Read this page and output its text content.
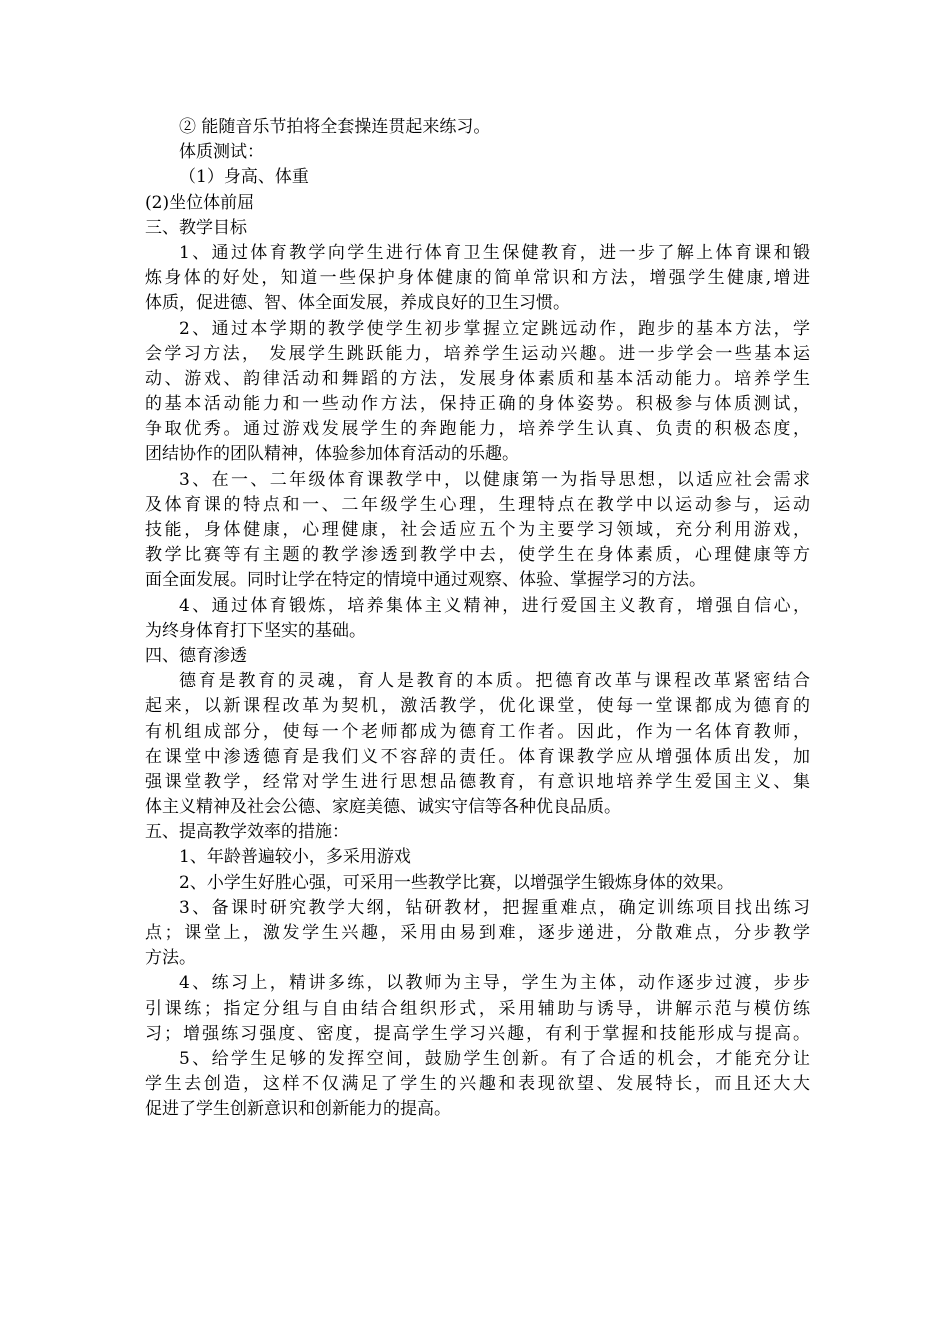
② 能随音乐节拍将全套操连贯起来练习。
体质测试：
（1）身高、体重
(2)坐位体前屈
三、教学目标
1、通过体育教学向学生进行体育卫生保健教育，进一步了解上体育课和锻
炼身体的好处，知道一些保护身体健康的简单常识和方法，增强学生健康,增进
体质，促进德、智、体全面发展，养成良好的卫生习惯。
2、通过本学期的教学使学生初步掌握立定跳远动作，跑步的基本方法，学
会学习方法， 发展学生跳跃能力，培养学生运动兴趣。进一步学会一些基本运
动、游戏、韵律活动和舞蹈的方法，发展身体素质和基本活动能力。培养学生
的基本活动能力和一些动作方法，保持正确的身体姿势。积极参与体质测试，
争取优秀。通过游戏发展学生的奔跑能力，培养学生认真、负责的积极态度，
团结协作的团队精神，体验参加体育活动的乐趣。
3、在一、二年级体育课教学中，以健康第一为指导思想，以适应社会需求
及体育课的特点和一、二年级学生心理，生理特点在教学中以运动参与，运动
技能，身体健康，心理健康，社会适应五个为主要学习领域，充分利用游戏，
教学比赛等有主题的教学渗透到教学中去，使学生在身体素质，心理健康等方
面全面发展。同时让学在特定的情境中通过观察、体验、掌握学习的方法。
4、通过体育锻炼，培养集体主义精神，进行爱国主义教育，增强自信心，
为终身体育打下坚实的基础。
四、德育渗透
德育是教育的灵魂，育人是教育的本质。把德育改革与课程改革紧密结合
起来，以新课程改革为契机，激活教学，优化课堂，使每一堂课都成为德育的
有机组成部分，使每一个老师都成为德育工作者。因此，作为一名体育教师，
在课堂中渗透德育是我们义不容辞的责任。体育课教学应从增强体质出发，加
强课堂教学，经常对学生进行思想品德教育，有意识地培养学生爱国主义、集
体主义精神及社会公德、家庭美德、诚实守信等各种优良品质。
五、提高教学效率的措施：
1、年龄普遍较小，多采用游戏
2、小学生好胜心强，可采用一些教学比赛，以增强学生锻炼身体的效果。
3、备课时研究教学大纲，钻研教材，把握重难点，确定训练项目找出练习
点；课堂上，激发学生兴趣，采用由易到难，逐步递进，分散难点，分步教学
方法。
4、练习上，精讲多练，以教师为主导，学生为主体，动作逐步过渡，步步
引课练；指定分组与自由结合组织形式，采用辅助与诱导，讲解示范与模仿练
习；增强练习强度、密度，提高学生学习兴趣，有利于掌握和技能形成与提高。
5、给学生足够的发挥空间，鼓励学生创新。有了合适的机会，才能充分让
学生去创造，这样不仅满足了学生的兴趣和表现欲望、发展特长，而且还大大
促进了学生创新意识和创新能力的提高。
